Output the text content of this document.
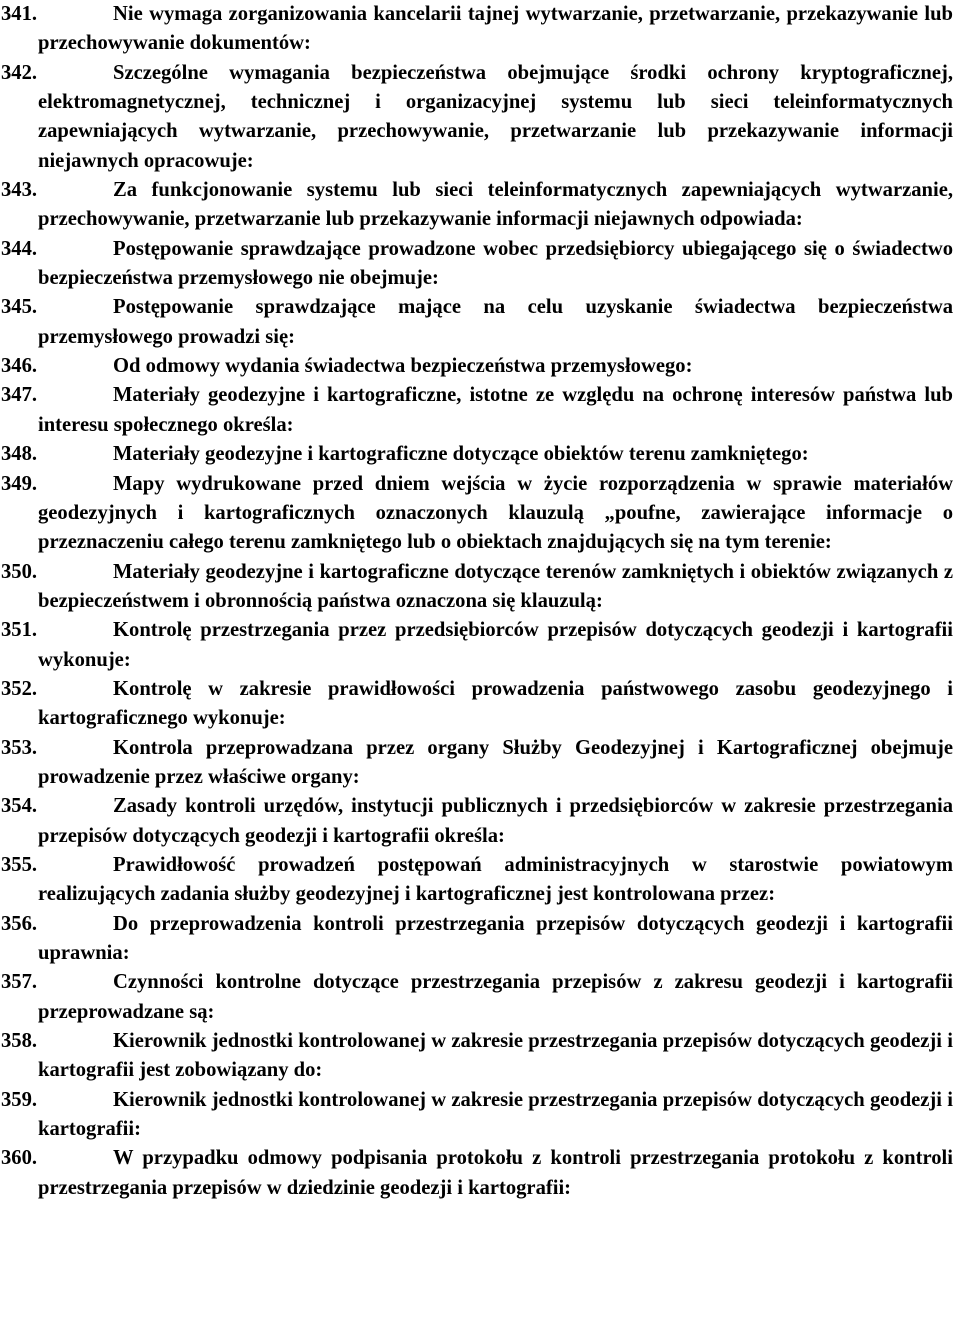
341.	Nie wymaga zorganizowania kancelarii tajnej wytwarzanie, przetwarzanie, przekazywanie lub przechowywanie dokumentów:

342.	Szczególne wymagania bezpieczeństwa obejmujące środki ochrony kryptograficznej, elektromagnetycznej, technicznej i organizacyjnej systemu lub sieci teleinformatycznych zapewniających wytwarzanie, przechowywanie, przetwarzanie lub przekazywanie informacji niejawnych opracowuje:

343.	Za funkcjonowanie systemu lub sieci teleinformatycznych zapewniających wytwarzanie, przechowywanie, przetwarzanie lub przekazywanie informacji niejawnych odpowiada:

344.	Postępowanie sprawdzające prowadzone wobec przedsiębiorcy ubiegającego się o świadectwo bezpieczeństwa przemysłowego nie obejmuje:

345.	Postępowanie sprawdzające mające na celu uzyskanie świadectwa bezpieczeństwa przemysłowego prowadzi się:

346.	Od odmowy wydania świadectwa bezpieczeństwa przemysłowego:

347.	Materiały geodezyjne i kartograficzne, istotne ze względu na ochronę interesów państwa lub interesu społecznego określa:

348.	Materiały geodezyjne i kartograficzne dotyczące obiektów terenu zamkniętego:

349.	Mapy wydrukowane przed dniem wejścia w życie rozporządzenia w sprawie materiałów geodezyjnych i kartograficznych oznaczonych klauzulą „poufne, zawierające informacje o przeznaczeniu całego terenu zamkniętego lub o obiektach znajdujących się na tym terenie:

350.	Materiały geodezyjne i kartograficzne dotyczące terenów zamkniętych i obiektów związanych z bezpieczeństwem i obronnością państwa oznaczona się klauzulą:

351.	Kontrolę przestrzegania przez przedsiębiorców przepisów dotyczących geodezji i kartografii wykonuje:

352.	Kontrolę w zakresie prawidłowości prowadzenia państwowego zasobu geodezyjnego i kartograficznego wykonuje:

353.	Kontrola przeprowadzana przez organy Służby Geodezyjnej i Kartograficznej obejmuje prowadzenie przez właściwe organy:

354.	Zasady kontroli urzędów, instytucji publicznych i przedsiębiorców w zakresie przestrzegania przepisów dotyczących geodezji i kartografii określa:

355.	Prawidłowość prowadzeń postępowań administracyjnych w starostwie powiatowym realizujących zadania służby geodezyjnej i kartograficznej jest kontrolowana przez:

356.	Do przeprowadzenia kontroli przestrzegania przepisów dotyczących geodezji i kartografii uprawnia:

357.	Czynności kontrolne dotyczące przestrzegania przepisów z zakresu geodezji i kartografii przeprowadzane są:

358.	Kierownik jednostki kontrolowanej w zakresie przestrzegania przepisów dotyczących geodezji i kartografii jest zobowiązany do:

359.	Kierownik jednostki kontrolowanej w zakresie przestrzegania przepisów dotyczących geodezji i kartografii:

360.	W przypadku odmowy podpisania protokołu z kontroli przestrzegania protokołu z kontroli przestrzegania przepisów w dziedzinie geodezji i kartografii:
